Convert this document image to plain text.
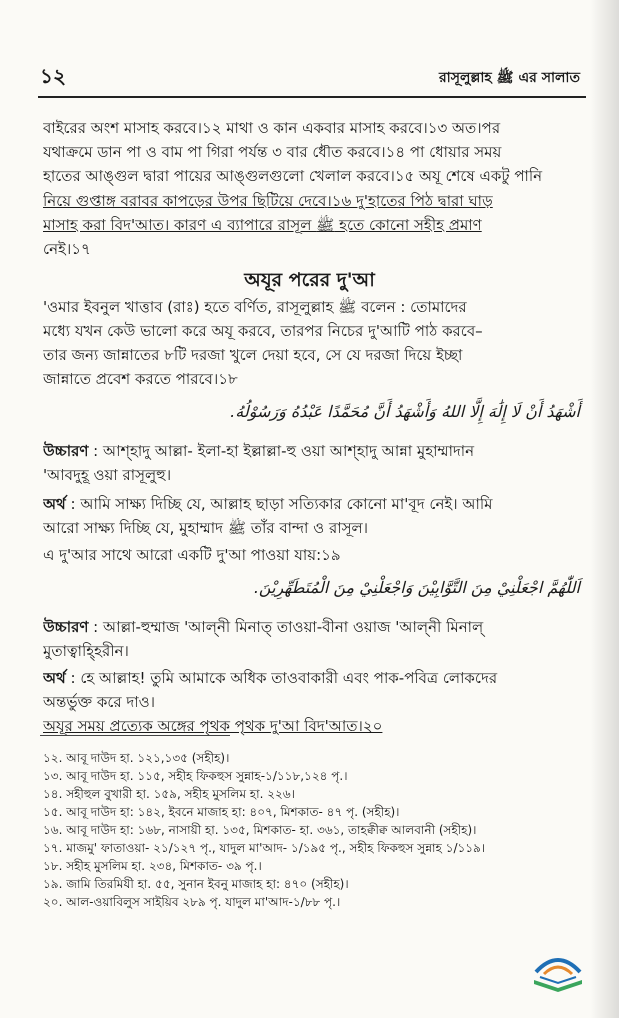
১২	রাসূলুল্লাহ ﷺ এর সালাত
বাইরের অংশ মাসাহ করবে।১২ মাথা ও কান একবার মাসাহ করবে।১৩ অত।পর
যথাক্রমে ডান পা ও বাম পা গিরা পর্যন্ত ৩ বার ধৌত করবে।১৪ পা ধোয়ার সময়
হাতের আঙ্গুল দ্বারা পায়ের আঙ্গুলগুলো খেলাল করবে।১৫ অযূ শেষে একটু পানি
নিয়ে গুপ্তাঙ্গ বরাবর কাপড়ের উপর ছিটিয়ে দেবে।১৬ দু'হাতের পিঠ দ্বারা ঘাড়
মাসাহ করা বিদ'আত। কারণ এ ব্যাপারে রাসূল ﷺ হতে কোনো সহীহ প্রমাণ
নেই।১৭
অযূর পরের দু'আ
'ওমার ইবনুল খাত্তাব (রাঃ) হতে বর্ণিত, রাসূলুল্লাহ ﷺ বলেন : তোমাদের
মধ্যে যখন কেউ ভালো করে অযূ করবে, তারপর নিচের দু'আটি পাঠ করবে–
তার জন্য জান্নাতের ৮টি দরজা খুলে দেয়া হবে, সে যে দরজা দিয়ে ইচ্ছা
জান্নাতে প্রবেশ করতে পারবে।১৮
أَشْهَدُ أَنْ لَا إِلَٰهَ إِلَّا اللهُ وَأَشْهَدُ أَنَّ مُحَمَّدًا عَبْدُهُ وَرَسُوْلُهُ.
উচ্চারণ : আশ্হাদু আল্লা- ইলা-হা ইল্লাল্লা-হু ওয়া আশ্হাদু আন্না মুহাম্মাদান
'আবদুহূ ওয়া রাসূলুহু।
অর্থ : আমি সাক্ষ্য দিচ্ছি যে, আল্লাহ ছাড়া সত্যিকার কোনো মা'বূদ নেই। আমি
আরো সাক্ষ্য দিচ্ছি যে, মুহাম্মাদ ﷺ তাঁর বান্দা ও রাসূল।
এ দু'আর সাথে আরো একটি দু'আ পাওয়া যায়:১৯
اَللّٰهُمَّ اجْعَلْنِيْ مِنَ التَّوَّابِيْنَ وَاجْعَلْنِيْ مِنَ الْمُتَطَهِّرِيْنَ.
উচ্চারণ : আল্লা-হুম্মাজ 'আল্নী মিনাত্ তাওয়া-বীনা ওয়াজ 'আল্নী মিনাল্
মুতাত্বাহ্হিরীন।
অর্থ : হে আল্লাহ! তুমি আমাকে অধিক তাওবাকারী এবং পাক-পবিত্র লোকদের
অন্তর্ভুক্ত করে দাও।
অযূর সময় প্রত্যেক অঙ্গের পৃথক পৃথক দু'আ বিদ'আত।২০
১২. আবূ দাউদ হা. ১২১,১৩৫ (সহীহ)।
১৩. আবূ দাউদ হা. ১১৫, সহীহ ফিকহুস সুন্নাহ-১/১১৮,১২৪ পৃ.।
১৪. সহীহুল বুখারী হা. ১৫৯, সহীহ মুসলিম হা. ২২৬।
১৫. আবূ দাউদ হা: ১৪২, ইবনে মাজাহ হা: ৪০৭, মিশকাত- ৪৭ পৃ. (সহীহ)।
১৬. আবূ দাউদ হা: ১৬৮, নাসায়ী হা. ১৩৫, মিশকাত- হা. ৩৬১, তাহক্বীক্ব আলবানী (সহীহ)।
১৭. মাজমু' ফাতাওয়া- ২১/১২৭ পৃ., যাদুল মা'আদ- ১/১৯৫ পৃ., সহীহ ফিকহুস সুন্নাহ ১/১১৯।
১৮. সহীহ মুসলিম হা. ২৩৪, মিশকাত- ৩৯ পৃ.।
১৯. জামি তিরমিযী হা. ৫৫, সুনান ইবনু মাজাহ হা: ৪৭০ (সহীহ)।
২০. আল-ওয়াবিলুস সাইয়িব ২৮৯ পৃ. যাদুল মা'আদ-১/৮৮ পৃ.।
